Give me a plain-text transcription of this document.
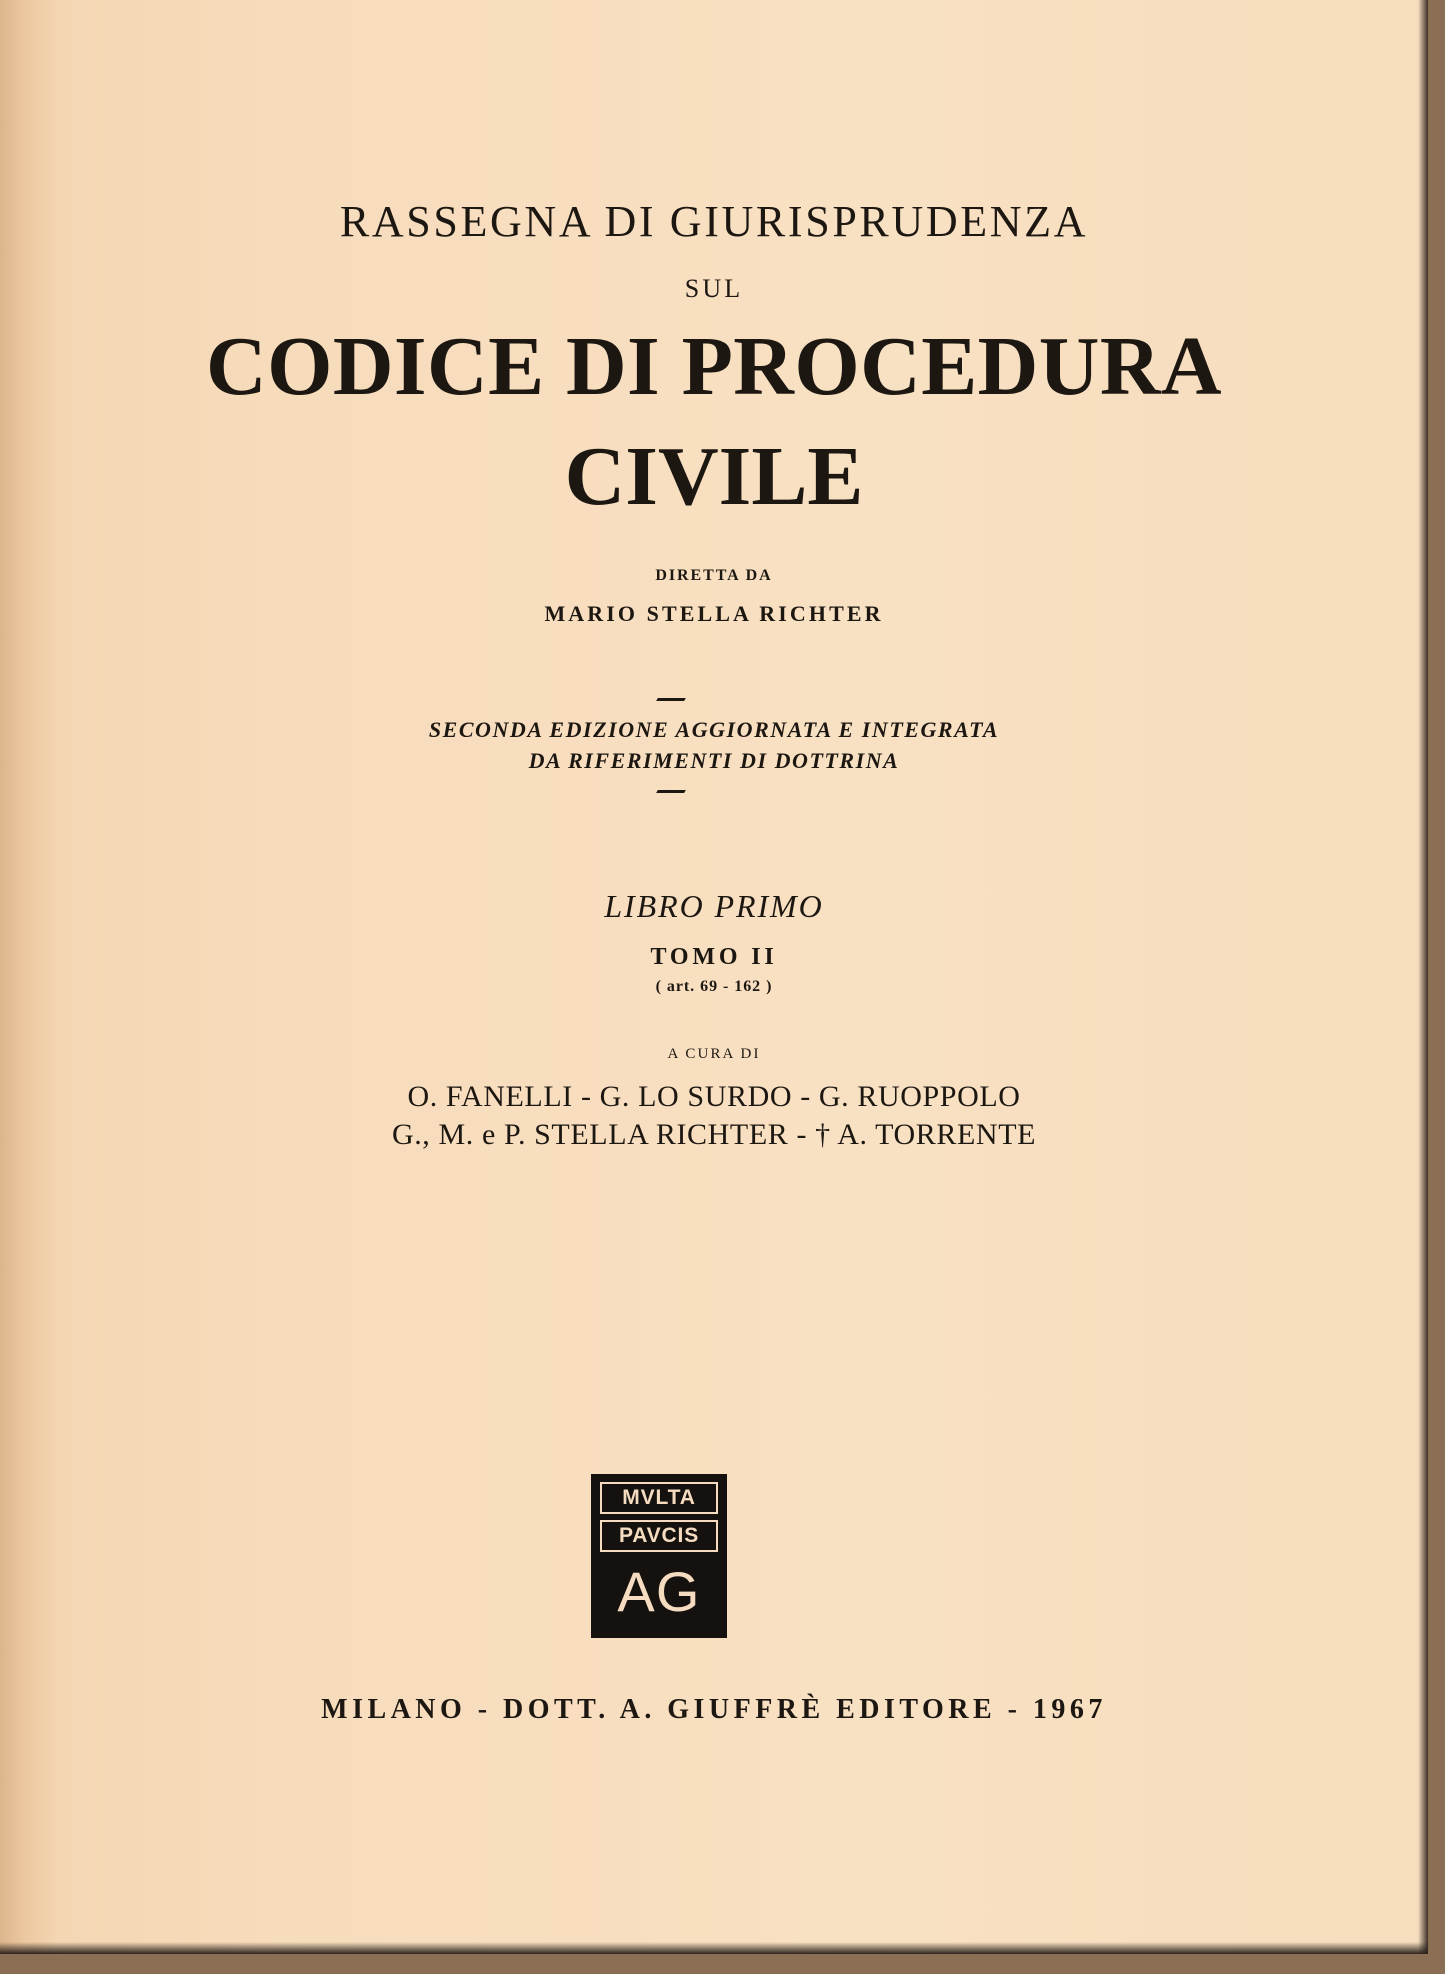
RASSEGNA DI GIURISPRUDENZA
SUL
CODICE DI PROCEDURA
CIVILE
DIRETTA DA
MARIO STELLA RICHTER
SECONDA EDIZIONE AGGIORNATA E INTEGRATA
DA RIFERIMENTI DI DOTTRINA
LIBRO PRIMO
TOMO II
( art. 69 - 162 )
A CURA DI
O. FANELLI - G. LO SURDO - G. RUOPPOLO
G., M. e P. STELLA RICHTER - † A. TORRENTE
MVLTA
PAVCIS
AG
MILANO - DOTT. A. GIUFFRÈ EDITORE - 1967
